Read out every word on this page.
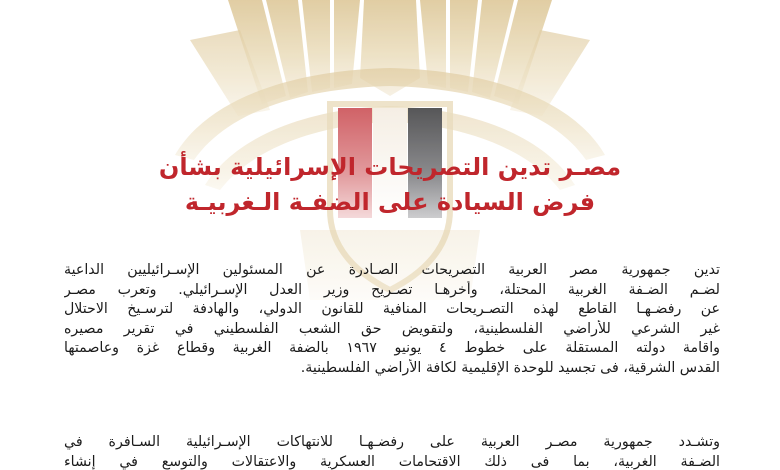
مصـر تدين التصريحات الإسرائيلية بشأن
فرض السيادة على الضفـة الـغربيـة
تدين جمهورية مصر العربية التصريحات الصـادرة عن المسئولين الإسـرائيليين الداعية
لضـم الضـفة الغربية المحتلة، وأخرهـا تصـريح وزير العدل الإسـرائيلي. وتعرب مصـر
عن رفضـهـا القاطع لهذه التصـريحات المنافية للقانون الدولي، والهادفة لترسـيخ الاحتلال
غير الشرعي للأراضي الفلسطينية، ولتقويض حق الشعب الفلسطيني في تقرير مصيره
واقامة دولته المستقلة على خطوط ٤ يونيو ١٩٦٧ بالضفة الغربية وقطاع غزة وعاصمتها
القدس الشرقية، فى تجسيد للوحدة الإقليمية لكافة الأراضي الفلسطينية.
وتشـدد جمهورية مصـر العربية على رفضـهـا للانتهاكات الإسـرائيلية السـافرة في
الضـفة الغربية، بما فى ذلك الاقتحامات العسكرية والاعتقالات والتوسع في إنشاء
